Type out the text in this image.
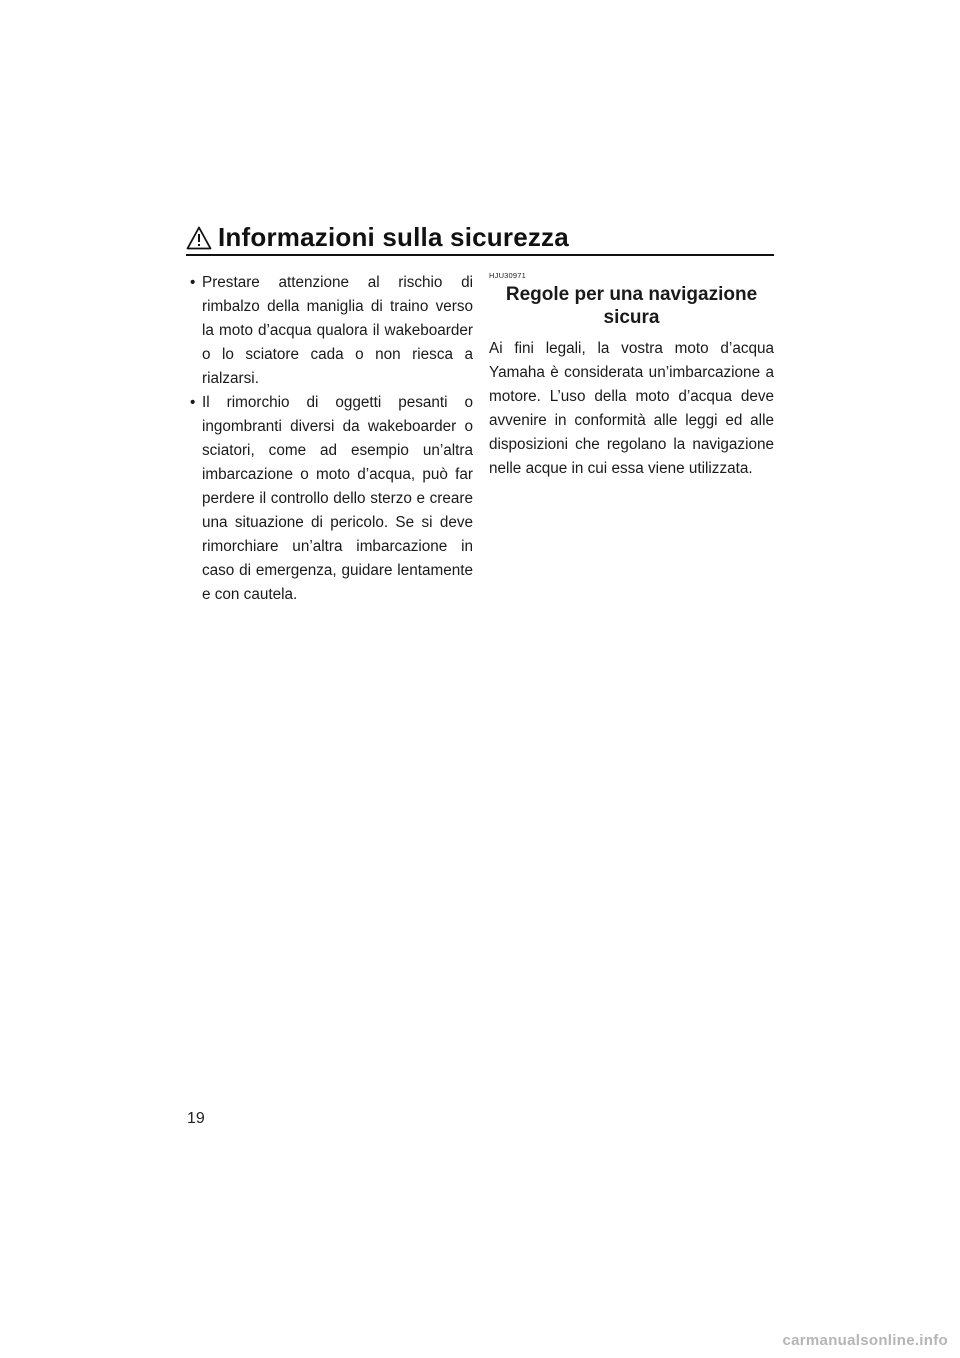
Informazioni sulla sicurezza
• Prestare attenzione al rischio di rimbalzo della maniglia di traino verso la moto d’acqua qualora il wakeboarder o lo sciatore cada o non riesca a rialzarsi.
• Il rimorchio di oggetti pesanti o ingombranti diversi da wakeboarder o sciatori, come ad esempio un’altra imbarcazione o moto d’acqua, può far perdere il controllo dello sterzo e creare una situazione di pericolo. Se si deve rimorchiare un’altra imbarcazione in caso di emergenza, guidare lentamente e con cautela.
HJU30971
Regole per una navigazione sicura

Ai fini legali, la vostra moto d’acqua Yamaha è considerata un’imbarcazione a motore. L’uso della moto d’acqua deve avvenire in conformità alle leggi ed alle disposizioni che regolano la navigazione nelle acque in cui essa viene utilizzata.

19
carmanualsonline.info
